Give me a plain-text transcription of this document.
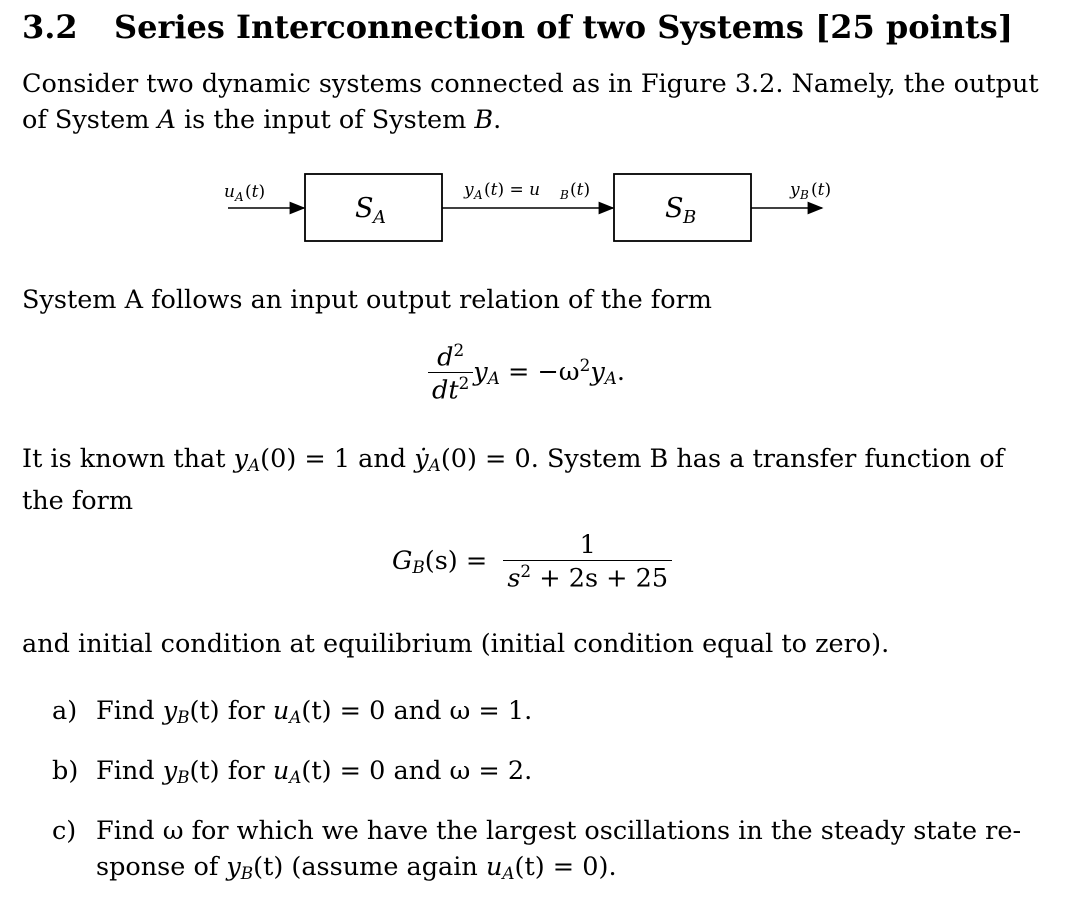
3.2 Series Interconnection of two Systems [25 points]
Consider two dynamic systems connected as in Figure 3.2. Namely, the output
of System A is the input of System B.
u A (t)
S A
y A (t) = u B (t)
S B
y B (t)
System A follows an input output relation of the form
$\frac{d^2}{dt^2} y_A = -\omega^2y_A$.
It is known that $y_A(0) = 1$ and ẏ$_A$(0) = 0. System B has a transfer function of
the form
$G_B(s) = \frac{1}{s^2 + 2s + 25}$
and initial condition at equilibrium (initial condition equal to zero).
a) Find $y_B(t)$ for $u_A(t) = 0$ and ω = 1.
b) Find $y_B(t)$ for $u_A(t) = 0$ and ω = 2.
c) Find ω for which we have the largest oscillations in the steady state re-
sponse of $y_B(t)$ (assume again $u_A(t) = 0$).
